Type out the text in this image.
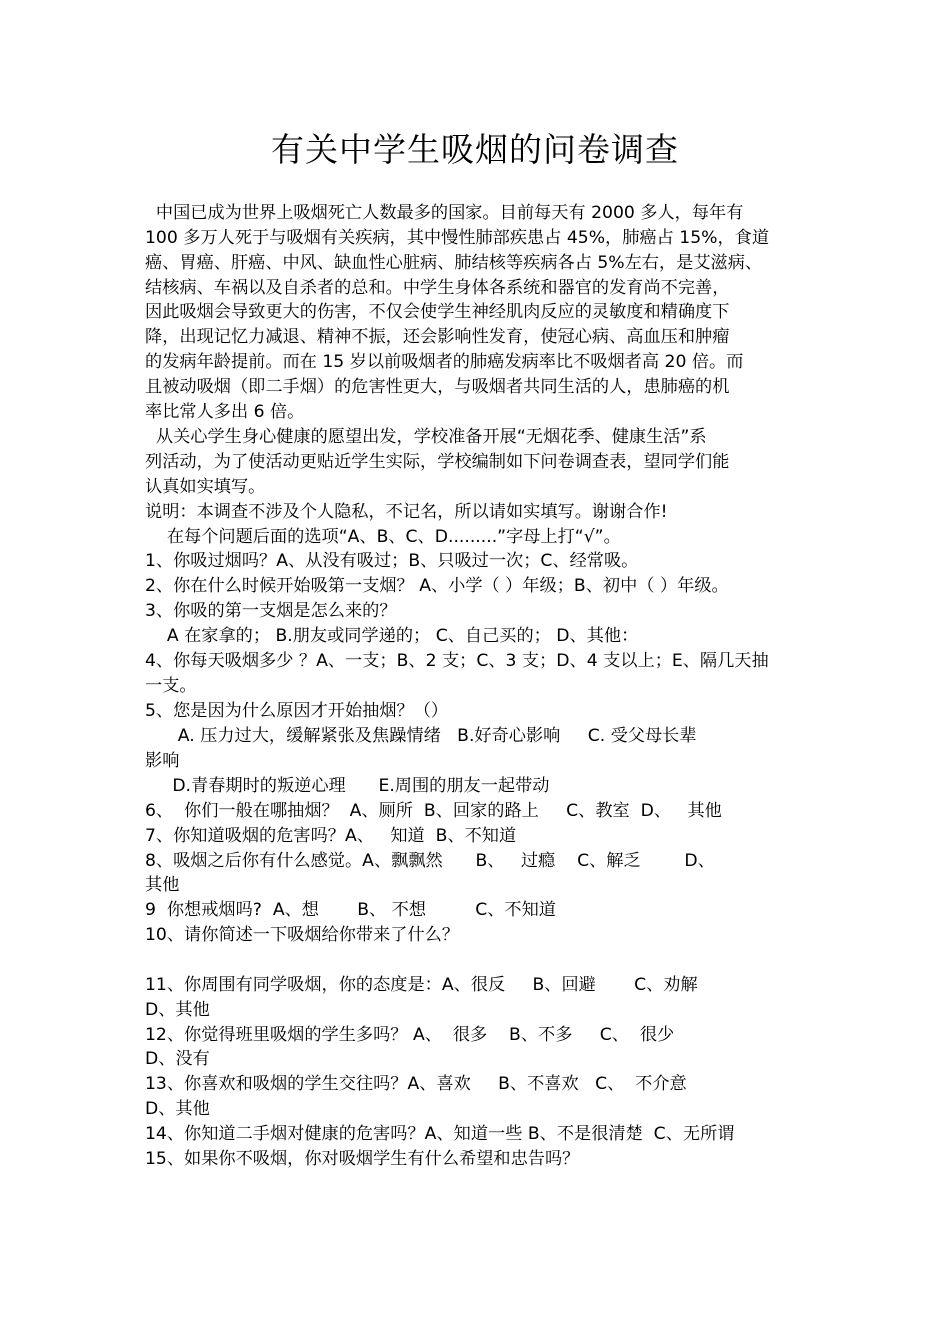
有关中学生吸烟的问卷调查
中国已成为世界上吸烟死亡人数最多的国家。目前每天有 2000 多人，每年有
100 多万人死于与吸烟有关疾病，其中慢性肺部疾患占 45%，肺癌占 15%，食道
癌、胃癌、肝癌、中风、缺血性心脏病、肺结核等疾病各占 5%左右，是艾滋病、
结核病、车祸以及自杀者的总和。中学生身体各系统和器官的发育尚不完善，
因此吸烟会导致更大的伤害，不仅会使学生神经肌肉反应的灵敏度和精确度下
降，出现记忆力减退、精神不振，还会影响性发育，使冠心病、高血压和肿瘤
的发病年龄提前。而在 15 岁以前吸烟者的肺癌发病率比不吸烟者高 20 倍。而
且被动吸烟（即二手烟）的危害性更大，与吸烟者共同生活的人，患肺癌的机
率比常人多出 6 倍。
从关心学生身心健康的愿望出发，学校准备开展“无烟花季、健康生活”系
列活动，为了使活动更贴近学生实际，学校编制如下问卷调查表，望同学们能
认真如实填写。
说明：本调查不涉及个人隐私，不记名，所以请如实填写。谢谢合作!
在每个问题后面的选项“A、B、C、D.........”字母上打“√”。
1、你吸过烟吗？A、从没有吸过；B、只吸过一次；C、经常吸。
2、你在什么时候开始吸第一支烟？ A、小学（ ）年级；B、初中（ ）年级。
3、你吸的第一支烟是怎么来的？
A 在家拿的； B.朋友或同学递的； C、自己买的； D、其他：
4、你每天吸烟多少 ？A、一支；B、2 支；C、3 支；D、4 支以上；E、隔几天抽
一支。
5、您是因为什么原因才开始抽烟？（）
A. 压力过大，缓解紧张及焦躁情绪   B.好奇心影响     C. 受父母长辈
影响
D.青春期时的叛逆心理      E.周围的朋友一起带动
6、  你们一般在哪抽烟？  A、厕所  B、回家的路上     C、教室  D、   其他
7、你知道吸烟的危害吗？A、   知道  B、不知道
8、吸烟之后你有什么感觉。A、飘飘然      B、   过瘾    C、解乏        D、
其他
9  你想戒烟吗?  A、想       B、 不想         C、不知道
10、请你简述一下吸烟给你带来了什么？
11、你周围有同学吸烟，你的态度是：A、很反     B、回避       C、劝解
D、其他
12、你觉得班里吸烟的学生多吗？ A、  很多    B、不多     C、  很少
D、没有
13、你喜欢和吸烟的学生交往吗？A、喜欢     B、不喜欢   C、  不介意
D、其他
14、你知道二手烟对健康的危害吗？A、知道一些 B、不是很清楚  C、无所谓
15、如果你不吸烟，你对吸烟学生有什么希望和忠告吗？
